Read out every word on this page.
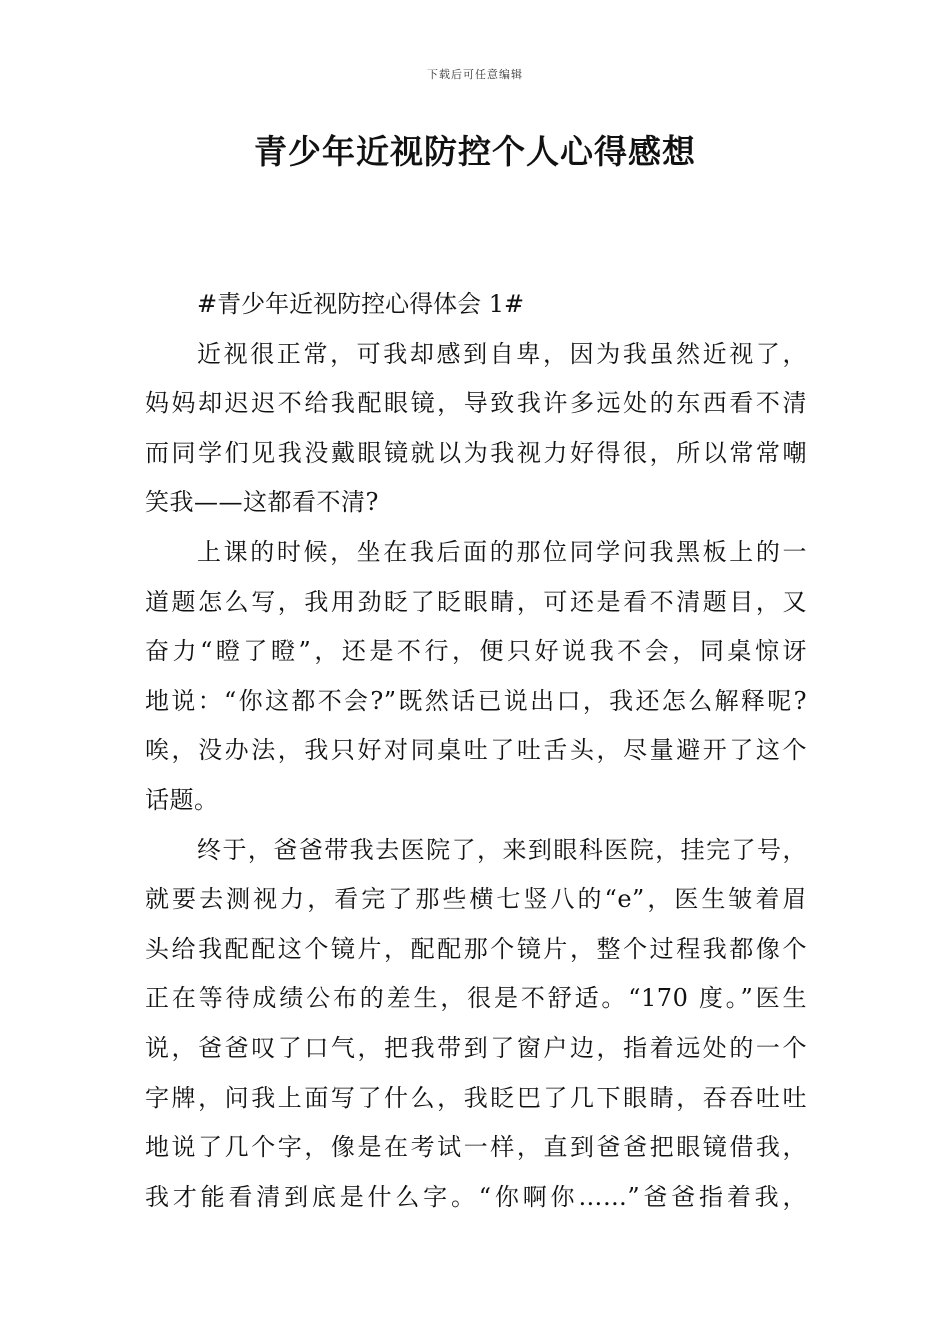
下载后可任意编辑
青少年近视防控个人心得感想

#青少年近视防控心得体会 1#

近视很正常，可我却感到自卑，因为我虽然近视了，

妈妈却迟迟不给我配眼镜，导致我许多远处的东西看不清

而同学们见我没戴眼镜就以为我视力好得很，所以常常嘲

笑我——这都看不清?

上课的时候，坐在我后面的那位同学问我黑板上的一

道题怎么写，我用劲眨了眨眼睛，可还是看不清题目，又

奋力“瞪了瞪”，还是不行，便只好说我不会，同桌惊讶

地说：“你这都不会?”既然话已说出口，我还怎么解释呢?

唉，没办法，我只好对同桌吐了吐舌头，尽量避开了这个

话题。

终于，爸爸带我去医院了，来到眼科医院，挂完了号，

就要去测视力，看完了那些横七竖八的“e”，医生皱着眉

头给我配配这个镜片，配配那个镜片，整个过程我都像个

正在等待成绩公布的差生，很是不舒适。“170 度。”医生

说，爸爸叹了口气，把我带到了窗户边，指着远处的一个

字牌，问我上面写了什么，我眨巴了几下眼睛，吞吞吐吐

地说了几个字，像是在考试一样，直到爸爸把眼镜借我，

我才能看清到底是什么字。“你啊你……”爸爸指着我，
